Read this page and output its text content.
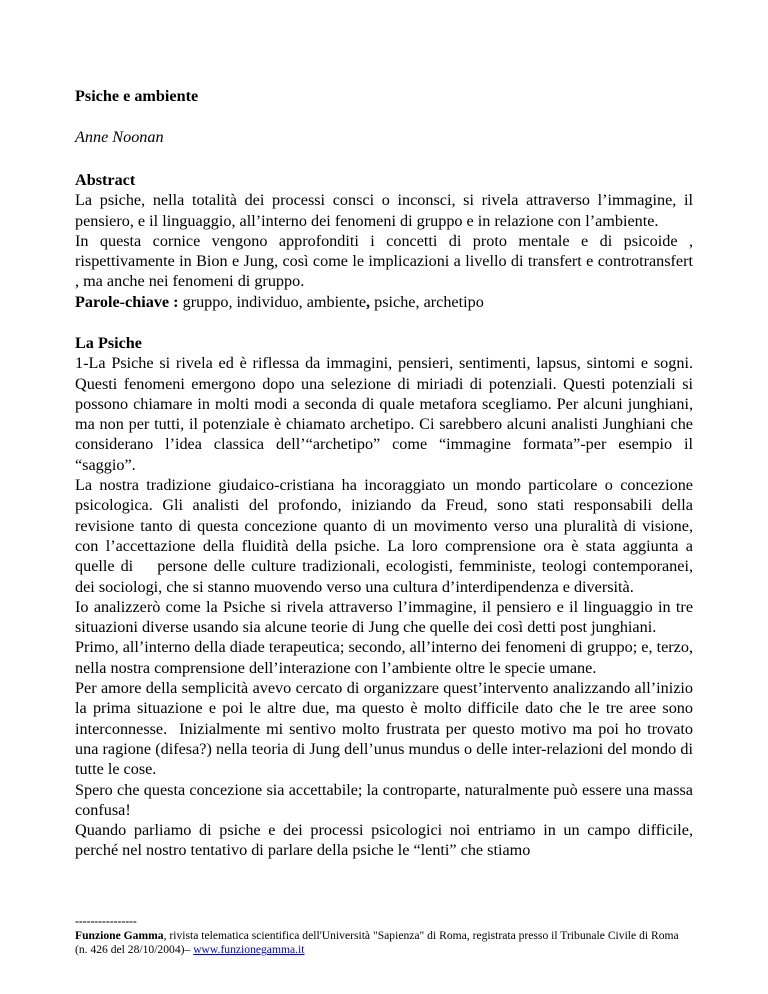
Psiche e ambiente
Anne Noonan

Abstract

La psiche, nella totalità dei processi consci o inconsci, si rivela attraverso l’immagine, il pensiero, e il linguaggio, all’interno dei fenomeni di gruppo e in relazione con l’ambiente.

In questa cornice vengono approfonditi i concetti di proto mentale e di psicoide , rispettivamente in Bion e Jung, così come le implicazioni a livello di transfert e controtransfert , ma anche nei fenomeni di gruppo.

Parole-chiave : gruppo, individuo, ambiente, psiche, archetipo

La Psiche

1-La Psiche si rivela ed è riflessa da immagini, pensieri, sentimenti, lapsus, sintomi e sogni. Questi fenomeni emergono dopo una selezione di miriadi di potenziali. Questi potenziali si possono chiamare in molti modi a seconda di quale metafora scegliamo. Per alcuni junghiani, ma non per tutti, il potenziale è chiamato archetipo. Ci sarebbero alcuni analisti Junghiani che considerano l’idea classica dell’“archetipo” come “immagine formata”-per esempio il “saggio”.

La nostra tradizione giudaico-cristiana ha incoraggiato un mondo particolare o concezione psicologica. Gli analisti del profondo, iniziando da Freud, sono stati responsabili della revisione tanto di questa concezione quanto di un movimento verso una pluralità di visione, con l’accettazione della fluidità della psiche. La loro comprensione ora è stata aggiunta a quelle di    persone delle culture tradizionali, ecologisti, femministe, teologi contemporanei, dei sociologi, che si stanno muovendo verso una cultura d’interdipendenza e diversità.

Io analizzerò come la Psiche si rivela attraverso l’immagine, il pensiero e il linguaggio in tre situazioni diverse usando sia alcune teorie di Jung che quelle dei così detti post junghiani.

Primo, all’interno della diade terapeutica; secondo, all’interno dei fenomeni di gruppo; e, terzo, nella nostra comprensione dell’interazione con l’ambiente oltre le specie umane.

Per amore della semplicità avevo cercato di organizzare quest’intervento analizzando all’inizio la prima situazione e poi le altre due, ma questo è molto difficile dato che le tre aree sono interconnesse.  Inizialmente mi sentivo molto frustrata per questo motivo ma poi ho trovato una ragione (difesa?) nella teoria di Jung dell’unus mundus o delle inter-relazioni del mondo di tutte le cose.

Spero che questa concezione sia accettabile; la controparte, naturalmente può essere una massa confusa!

Quando parliamo di psiche e dei processi psicologici noi entriamo in un campo difficile, perché nel nostro tentativo di parlare della psiche le “lenti” che stiamo

----------------
Funzione Gamma, rivista telematica scientifica dell'Università "Sapienza" di Roma, registrata presso il Tribunale Civile di Roma (n. 426 del 28/10/2004)– www.funzionegamma.it
